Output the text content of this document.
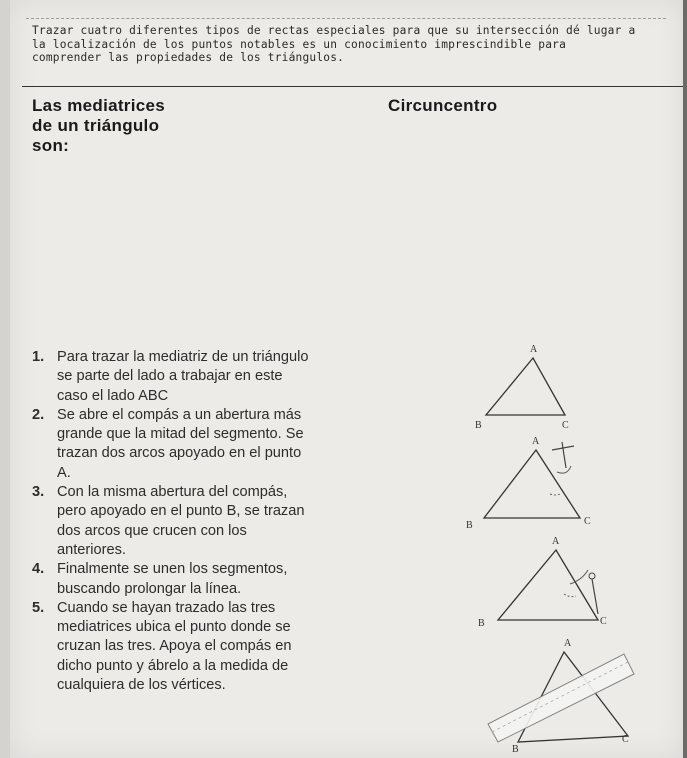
Trazar cuatro diferentes tipos de rectas especiales para que su intersección dé lugar a la localización de los puntos notables es un conocimiento imprescindible para comprender las propiedades de los triángulos.
Las mediatrices
de un triángulo
son:
Circuncentro
1. Para trazar la mediatriz de un triángulo
se parte del lado a trabajar en este
caso el lado ABC
2. Se abre el compás a un abertura más
grande que la mitad del segmento. Se
trazan dos arcos apoyado en el punto
A.
3. Con la misma abertura del compás,
pero apoyado en el punto B, se trazan
dos arcos que crucen con los
anteriores.
4. Finalmente se unen los segmentos,
buscando prolongar la línea.
5. Cuando se hayan trazado las tres
mediatrices ubica el punto donde se
cruzan las tres. Apoya el compás en
dicho punto y ábrelo a la medida de
cualquiera de los vértices.
A
B	C
A
B	C
A
B	C
A
B
C
